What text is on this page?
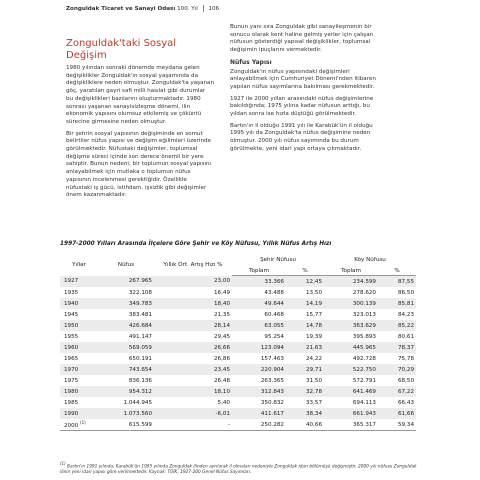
Zonguldak Ticaret ve Sanayi Odası 100. Yıl 106
Zonguldak'taki Sosyal Değişim

1980 yılından sonraki dönemde meydana gelen değişiklikler Zonguldak'ın sosyal yaşamında da değişikliklere neden olmuştur. Zonguldak'ta yaşanan göç, yaratılan gayri safi milli hasılat gibi durumlar bu değişiklikleri bazılarını oluşturmaktadır. 1980 sonrası yaşanan sanayisizleşme dönemi, ilin ekonomik yapısını olumsuz etkilemiş ve çöküntü sürecine girmesine neden olmuştur.

Bir şehrin sosyal yapısının değişiminde en somut belirtiler nüfus yapısı ve değişim eğilimleri üzerinde görülmektedir. Nüfustaki değişimler, toplumsal değişme süreci içinde son derece önemli bir yere sahiptir. Bunun nedeni; bir toplumun sosyal yapısını anlayabilmek için mutlaka o toplumun nüfus yapısının incelenmesi gerektiğidir. Özellikle nüfustaki iş gücü, istihdam, işsizlik gibi değişimler önem kazanmaktadır.

Bunun yanı sıra Zonguldak gibi sanayileşmenin bir sonucu olarak kent haline gelmiş yerler için çalışan nüfusun gösterdiği yapısal değişiklikler, toplumsal değişimin ipuçlarını vermektedir.

Nüfus Yapısı

Zonguldak'ın nüfus yapısındaki değişimleri anlayabilmek için Cumhuriyet Dönemi'nden itibaren yapılan nüfus sayımlarına bakılması gerekmektedir.

1927 ile 2000 yılları arasındaki nüfus değişimlerine bakıldığında; 1975 yılına kadar nüfusun arttığı, bu yıldan sonra ise hızla düştüğü görülmektedir.

Bartın'ın il olduğu 1991 yılı ile Karabük'ün il olduğu 1995 yılı da Zonguldak'ta nüfus değişimine neden olmuştur. 2000 yılı nüfus sayımında bu durum görülmekte, yeni idari yapı ortaya çıkmaktadır.

1997-2000 Yılları Arasında İlçelere Göre Şehir ve Köy Nüfusu, Yıllık Nüfus Artış Hızı
Yıllar	Nüfus	Yıllık Ort. Artış Hızı %	Şehir Nüfusu		Köy Nüfusu	
			Toplam	%	Toplam	%
1927	267.965	23,00	33.366	12,45	234.599	87,55
1935	322.108	16,49	43.488	13,50	278.620	86,50
1940	349.783	18,40	49.644	14,19	300.139	85,81
1945	383.481	21,35	60.468	15,77	323.013	84,23
1950	426.684	28,14	63.055	14,78	363.629	85,22
1955	491.147	29,45	95.254	19,39	395.893	80,61
1960	569.059	26,66	123.094	21,63	445.965	78,37
1965	650.191	26,86	157.463	24,22	492.728	75,78
1970	743.654	23,45	220.904	29,71	522.750	70,29
1975	836.136	26,48	263.365	31,50	572.791	68,50
1980	954.312	18,10	312.843	32,78	641.469	67,22
1985	1.044.945	5,40	350.832	33,57	694.113	66,43
1990	1.073.560	-6,01	411.617	38,34	661.943	61,66
2000 $^{(1)}$	615.599	-	250.282	40,66	365.317	59,34
$^{(1)}$ Bartın'ın 1991 yılında, Karabük'ün 1995 yılında Zonguldak ilinden ayrılarak il olmaları nedeniyle Zonguldak idari bölümüşü değişmiştir. 2000 yılı nüfusu Zonguldak ilinin yeni idari yapısı göre verilmektedir. Kaynak: TÜİK, 1927-200 Genel Nüfus Sayımları.
